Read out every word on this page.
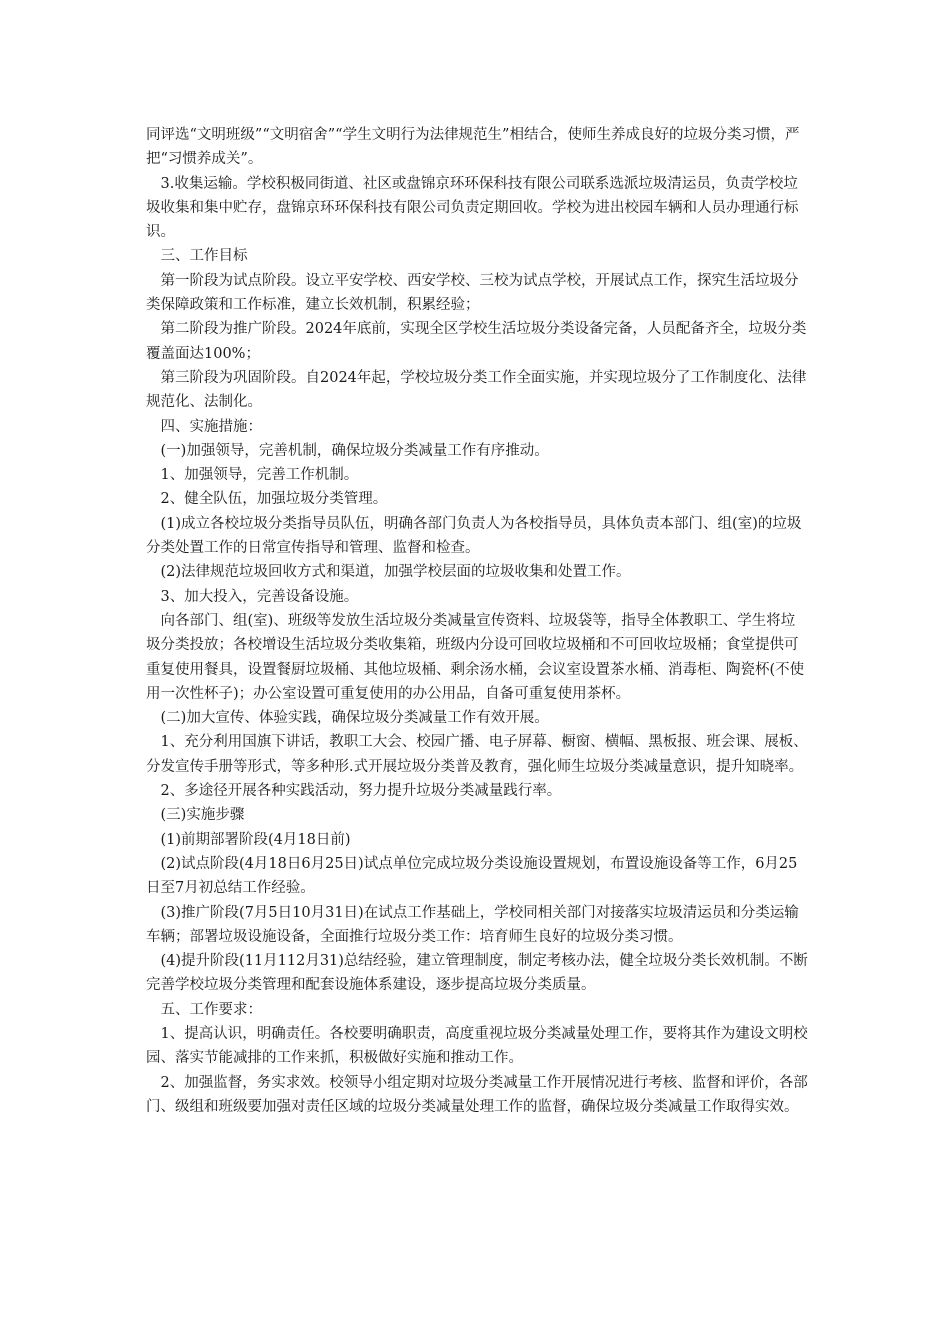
同评选“文明班级”“文明宿舍”“学生文明行为法律规范生”相结合，使师生养成良好的垃圾分类习惯，严把“习惯养成关”。

3.收集运输。学校积极同街道、社区或盘锦京环环保科技有限公司联系选派垃圾清运员，负责学校垃圾收集和集中贮存，盘锦京环环保科技有限公司负责定期回收。学校为进出校园车辆和人员办理通行标识。

三、工作目标

第一阶段为试点阶段。设立平安学校、西安学校、三校为试点学校，开展试点工作，探究生活垃圾分类保障政策和工作标准，建立长效机制，积累经验；

第二阶段为推广阶段。2024年底前，实现全区学校生活垃圾分类设备完备，人员配备齐全，垃圾分类覆盖面达100%；

第三阶段为巩固阶段。自2024年起，学校垃圾分类工作全面实施，并实现垃圾分了工作制度化、法律规范化、法制化。

四、实施措施：

(一)加强领导，完善机制，确保垃圾分类减量工作有序推动。

1、加强领导，完善工作机制。

2、健全队伍，加强垃圾分类管理。

(1)成立各校垃圾分类指导员队伍，明确各部门负责人为各校指导员，具体负责本部门、组(室)的垃圾分类处置工作的日常宣传指导和管理、监督和检查。

(2)法律规范垃圾回收方式和渠道，加强学校层面的垃圾收集和处置工作。

3、加大投入，完善设备设施。

向各部门、组(室)、班级等发放生活垃圾分类减量宣传资料、垃圾袋等，指导全体教职工、学生将垃圾分类投放；各校增设生活垃圾分类收集箱，班级内分设可回收垃圾桶和不可回收垃圾桶；食堂提供可重复使用餐具，设置餐厨垃圾桶、其他垃圾桶、剩余汤水桶，会议室设置茶水桶、消毒柜、陶瓷杯(不使用一次性杯子)；办公室设置可重复使用的办公用品，自备可重复使用茶杯。

(二)加大宣传、体验实践，确保垃圾分类减量工作有效开展。

1、充分利用国旗下讲话，教职工大会、校园广播、电子屏幕、橱窗、横幅、黑板报、班会课、展板、分发宣传手册等形式，等多种形.式开展垃圾分类普及教育，强化师生垃圾分类减量意识，提升知晓率。

2、多途径开展各种实践活动，努力提升垃圾分类减量践行率。

(三)实施步骤

(1)前期部署阶段(4月18日前)

(2)试点阶段(4月18日6月25日)试点单位完成垃圾分类设施设置规划，布置设施设备等工作，6月25日至7月初总结工作经验。

(3)推广阶段(7月5日10月31日)在试点工作基础上，学校同相关部门对接落实垃圾清运员和分类运输车辆；部署垃圾设施设备，全面推行垃圾分类工作：培育师生良好的垃圾分类习惯。

(4)提升阶段(11月112月31)总结经验，建立管理制度，制定考核办法，健全垃圾分类长效机制。不断完善学校垃圾分类管理和配套设施体系建设，逐步提高垃圾分类质量。

五、工作要求：

1、提高认识，明确责任。各校要明确职责，高度重视垃圾分类减量处理工作，要将其作为建设文明校园、落实节能减排的工作来抓，积极做好实施和推动工作。

2、加强监督，务实求效。校领导小组定期对垃圾分类减量工作开展情况进行考核、监督和评价，各部门、级组和班级要加强对责任区域的垃圾分类减量处理工作的监督，确保垃圾分类减量工作取得实效。
